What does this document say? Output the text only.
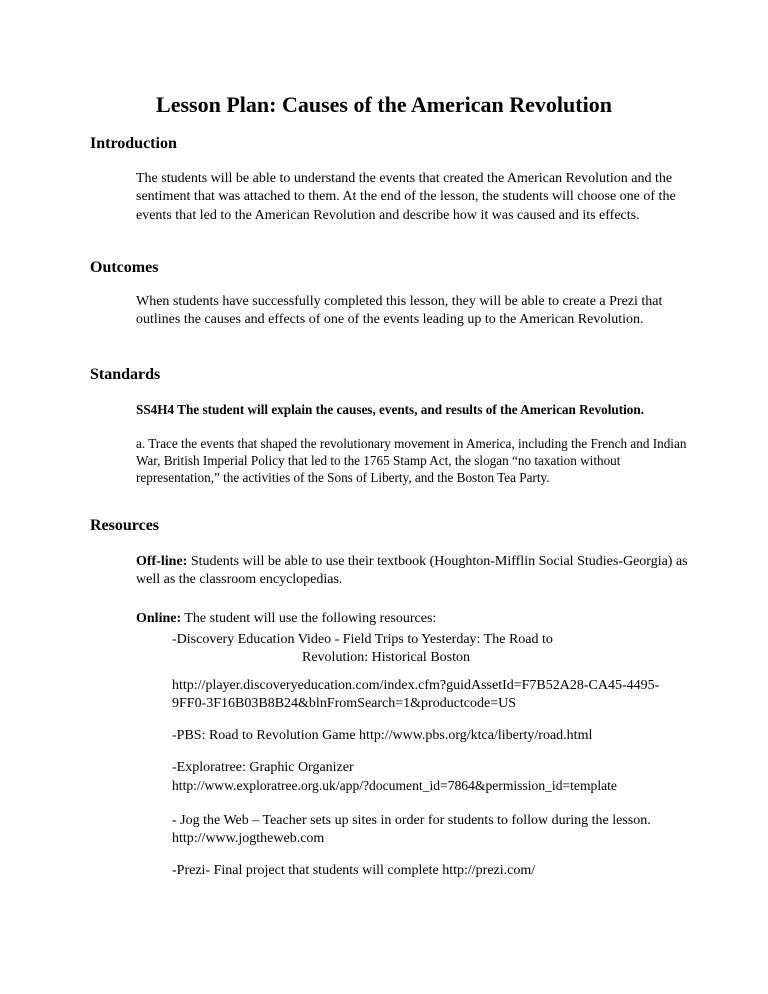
Lesson Plan: Causes of the American Revolution
Introduction

The students will be able to understand the events that created the American Revolution and the sentiment that was attached to them. At the end of the lesson, the students will choose one of the events that led to the American Revolution and describe how it was caused and its effects.

Outcomes

When students have successfully completed this lesson, they will be able to create a Prezi that outlines the causes and effects of one of the events leading up to the American Revolution.

Standards

SS4H4 The student will explain the causes, events, and results of the American Revolution.

a. Trace the events that shaped the revolutionary movement in America, including the French and Indian War, British Imperial Policy that led to the 1765 Stamp Act, the slogan “no taxation without representation,” the activities of the Sons of Liberty, and the Boston Tea Party.

Resources

Off-line: Students will be able to use their textbook (Houghton-Mifflin Social Studies-Georgia) as well as the classroom encyclopedias.

Online: The student will use the following resources:

-Discovery Education Video - Field Trips to Yesterday: The Road to
Revolution: Historical Boston

http://player.discoveryeducation.com/index.cfm?guidAssetId=F7B52A28-CA45-4495-9FF0-3F16B03B8B24&blnFromSearch=1&productcode=US

-PBS: Road to Revolution Game http://www.pbs.org/ktca/liberty/road.html

-Exploratree: Graphic Organizer
http://www.exploratree.org.uk/app/?document_id=7864&permission_id=template

- Jog the Web – Teacher sets up sites in order for students to follow during the lesson. http://www.jogtheweb.com

-Prezi- Final project that students will complete http://prezi.com/
